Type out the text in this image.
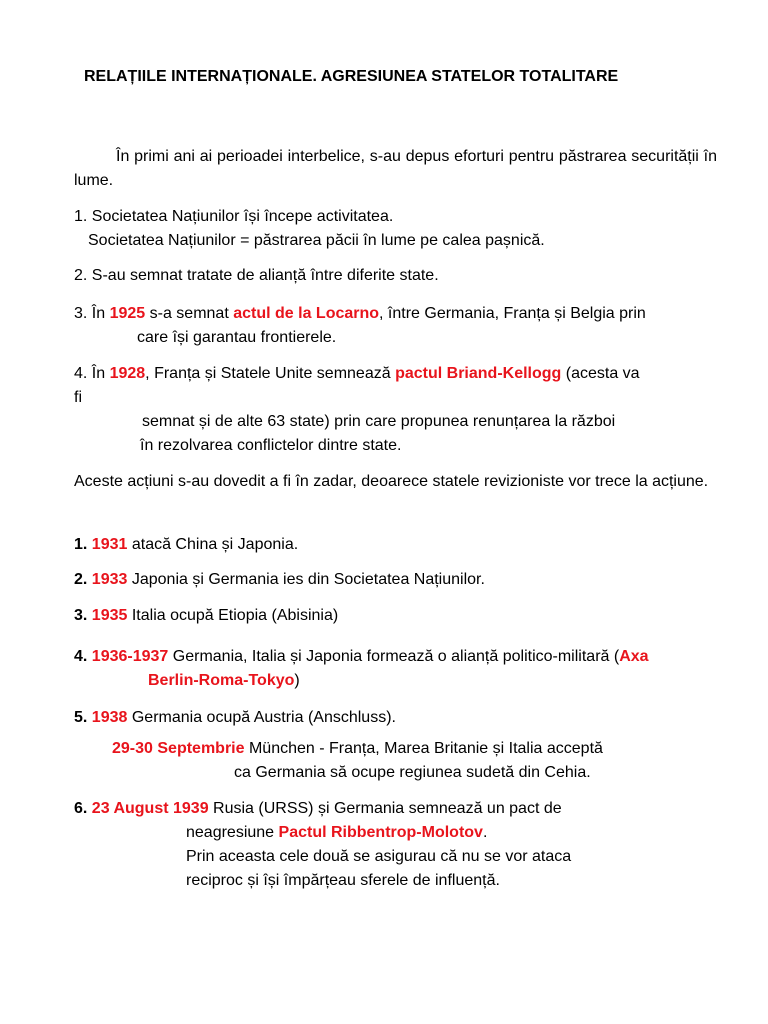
RELAȚIILE INTERNAȚIONALE. AGRESIUNEA STATELOR TOTALITARE
În primi ani ai perioadei interbelice, s-au depus eforturi pentru păstrarea securității în lume.
1. Societatea Națiunilor își începe activitatea.
Societatea Națiunilor = păstrarea păcii în lume pe calea pașnică.
2. S-au semnat tratate de alianță între diferite state.
3. În 1925 s-a semnat actul de la Locarno, între Germania, Franța și Belgia prin
care își garantau frontierele.
4. În 1928, Franța și Statele Unite semnează pactul Briand-Kellogg (acesta va
fi
semnat și de alte 63 state) prin care propunea renunțarea la război
în rezolvarea conflictelor dintre state.
Aceste acțiuni s-au dovedit a fi în zadar, deoarece statele revizioniste vor trece la acțiune.
1. 1931 atacă China și Japonia.
2. 1933 Japonia și Germania ies din Societatea Națiunilor.
3. 1935 Italia ocupă Etiopia (Abisinia)
4. 1936-1937 Germania, Italia și Japonia formează o alianță politico-militară (Axa
Berlin-Roma-Tokyo)
5. 1938 Germania ocupă Austria (Anschluss).
29-30 Septembrie München - Franța, Marea Britanie și Italia acceptă
ca Germania să ocupe regiunea sudetă din Cehia.
6. 23 August 1939 Rusia (URSS) și Germania semnează un pact de
neagresiune Pactul Ribbentrop-Molotov.
Prin aceasta cele două se asigurau că nu se vor ataca
reciproc și își împărțeau sferele de influență.
